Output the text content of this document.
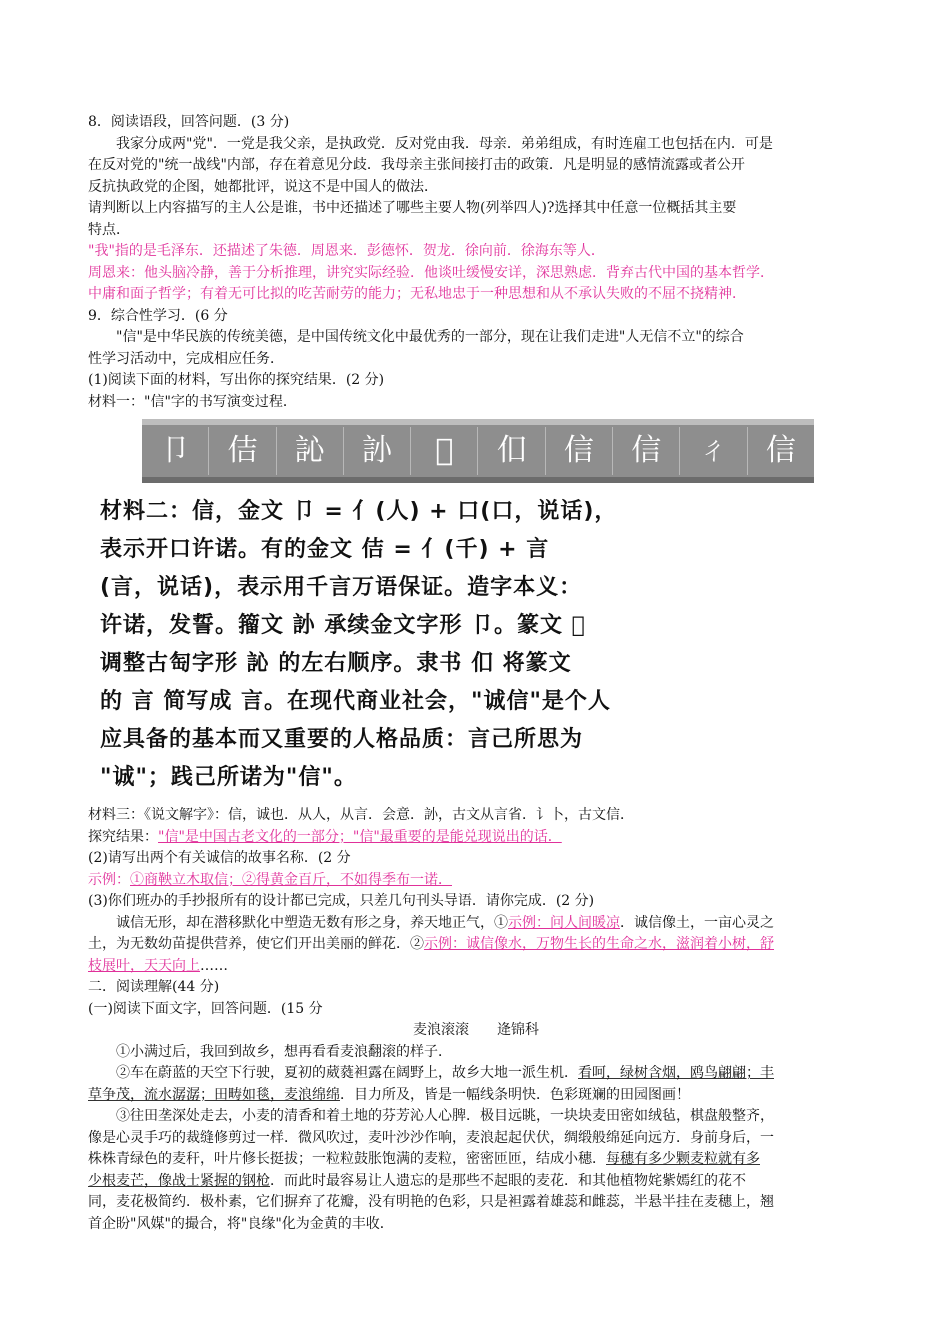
8．阅读语段，回答问题．(3 分)
我家分成两"党"．一党是我父亲，是执政党．反对党由我．母亲．弟弟组成，有时连雇工也包括在内．可是
在反对党的"统一战线"内部，存在着意见分歧．我母亲主张间接打击的政策．凡是明显的感情流露或者公开
反抗执政党的企图，她都批评，说这不是中国人的做法．
请判断以上内容描写的主人公是谁，书中还描述了哪些主要人物(列举四人)?选择其中任意一位概括其主要
特点．
"我"指的是毛泽东．还描述了朱德．周恩来．彭德怀．贺龙．徐向前．徐海东等人．
周恩来：他头脑冷静，善于分析推理，讲究实际经验．他谈吐缓慢安详，深思熟虑．背弃古代中国的基本哲学．
中庸和面子哲学；有着无可比拟的吃苦耐劳的能力；无私地忠于一种思想和从不承认失败的不屈不挠精神．
9．综合性学习．(6 分
"信"是中华民族的传统美德，是中国传统文化中最优秀的一部分，现在让我们走进"人无信不立"的综合
性学习活动中，完成相应任务．
(1)阅读下面的材料，写出你的探究结果．(2 分)
材料一："信"字的书写演变过程．
卩	佶	訫	䚱	𠏿	㐰	信	信	ㄔ	信
材料二：信，金文 卩 = 亻(人) + 口(口，说话)，
表示开口许诺。有的金文 佶 = 亻(千) + 言
(言，说话)，表示用千言万语保证。造字本义：
许诺，发誓。籀文 䚱 承续金文字形 卩。篆文 𠏿
调整古匋字形 訫 的左右顺序。隶书 㐰 将篆文
的 言 简写成 言。在现代商业社会，"诚信"是个人
应具备的基本而又重要的人格品质：言己所思为
"诚"；践己所诺为"信"。
材料三：《说文解字》：信，诚也．从人，从言．会意．䚱，古文从言省．讠卜，古文信．
探究结果："信"是中国古老文化的一部分；"信"最重要的是能兑现说出的话．
(2)请写出两个有关诚信的故事名称．(2 分
示例：①商鞅立木取信；②得黄金百斤，不如得季布一诺．
(3)你们班办的手抄报所有的设计都已完成，只差几句刊头导语．请你完成．(2 分)
诚信无形，却在潜移默化中塑造无数有形之身，养天地正气，①示例：问人间暖凉．诚信像土，一亩心灵之
土，为无数幼苗提供营养，使它们开出美丽的鲜花．②示例：诚信像水，万物生长的生命之水，滋润着小树，舒
枝展叶，天天向上……
二．阅读理解(44 分)
(一)阅读下面文字，回答问题．(15 分
麦浪滚滚　　逄锦科
①小满过后，我回到故乡，想再看看麦浪翻滚的样子．
②车在蔚蓝的天空下行驶，夏初的葳蕤袒露在阔野上，故乡大地一派生机．看呵，绿树含烟，鸥鸟翩翩；丰
草争茂，流水潺潺；田畴如毯，麦浪绵绵．目力所及，皆是一幅线条明快．色彩斑斓的田园图画！
③往田垄深处走去，小麦的清香和着土地的芬芳沁人心脾．极目远眺，一块块麦田密如绒毡，棋盘般整齐，
像是心灵手巧的裁缝修剪过一样．微风吹过，麦叶沙沙作响，麦浪起起伏伏，绸缎般绵延向远方．身前身后，一
株株青绿色的麦秆，叶片修长挺拔；一粒粒鼓胀饱满的麦粒，密密匝匝，结成小穗．每穗有多少颗麦粒就有多
少根麦芒，像战士紧握的钢枪．而此时最容易让人遗忘的是那些不起眼的麦花．和其他植物姹紫嫣红的花不
同，麦花极简约．极朴素，它们摒弃了花瓣，没有明艳的色彩，只是袒露着雄蕊和雌蕊，半悬半挂在麦穗上，翘
首企盼"风媒"的撮合，将"良缘"化为金黄的丰收．
